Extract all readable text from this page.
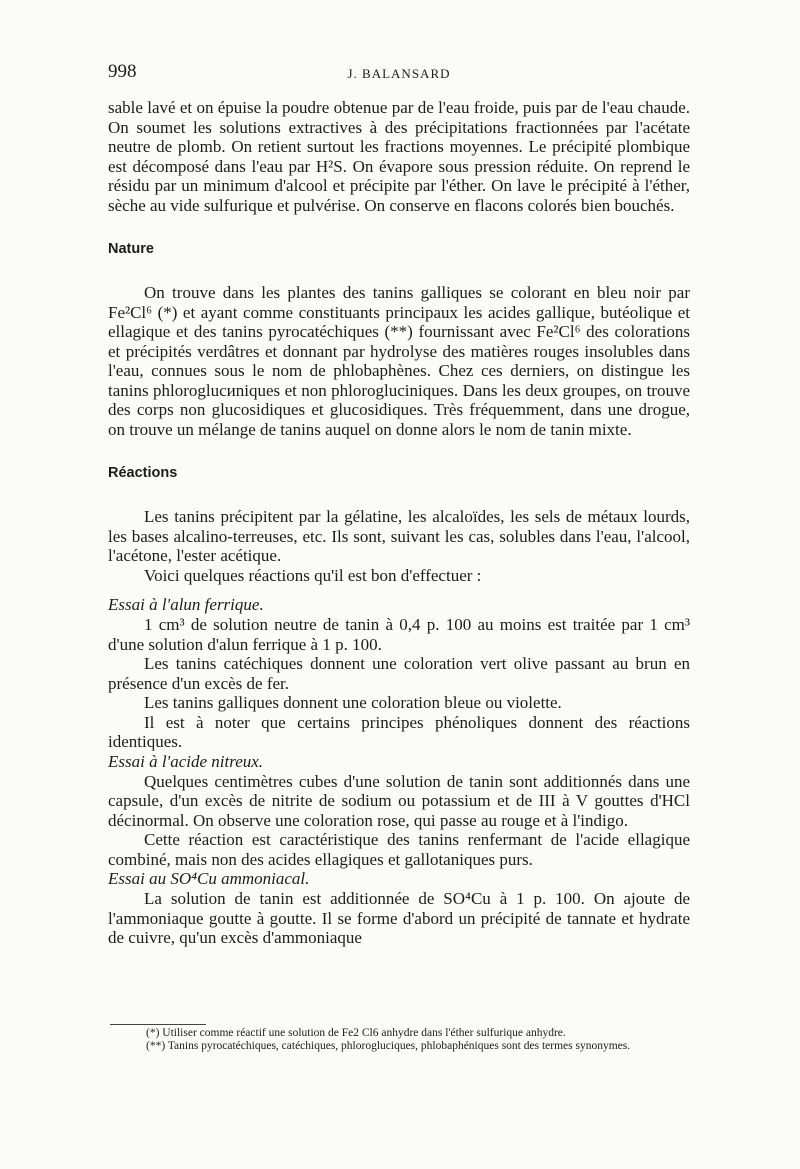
998	J. BALANSARD

sable lavé et on épuise la poudre obtenue par de l'eau froide, puis par de l'eau chaude. On soumet les solutions extractives à des précipitations fractionnées par l'acétate neutre de plomb. On retient surtout les fractions moyennes. Le précipité plombique est décomposé dans l'eau par H²S. On évapore sous pression réduite. On reprend le résidu par un minimum d'alcool et précipite par l'éther. On lave le précipité à l'éther, sèche au vide sulfurique et pulvérise. On conserve en flacons colorés bien bouchés.

Nature

On trouve dans les plantes des tanins galliques se colorant en bleu noir par Fe²Cl⁶ (*) et ayant comme constituants principaux les acides gallique, butéolique et ellagique et des tanins pyrocatéchiques (**) fournissant avec Fe²Cl⁶ des colorations et précipités verdâtres et donnant par hydrolyse des matières rouges insolubles dans l'eau, connues sous le nom de phlobaphènes. Chez ces derniers, on distingue les tanins phloroglucиniques et non phlorogluciniques. Dans les deux groupes, on trouve des corps non glucosidiques et glucosidiques. Très fréquemment, dans une drogue, on trouve un mélange de tanins auquel on donne alors le nom de tanin mixte.

Réactions

Les tanins précipitent par la gélatine, les alcaloïdes, les sels de métaux lourds, les bases alcalino-terreuses, etc. Ils sont, suivant les cas, solubles dans l'eau, l'alcool, l'acétone, l'ester acétique.

Voici quelques réactions qu'il est bon d'effectuer :

Essai à l'alun ferrique.

1 cm³ de solution neutre de tanin à 0,4 p. 100 au moins est traitée par 1 cm³ d'une solution d'alun ferrique à 1 p. 100.

Les tanins catéchiques donnent une coloration vert olive passant au brun en présence d'un excès de fer.

Les tanins galliques donnent une coloration bleue ou violette.

Il est à noter que certains principes phénoliques donnent des réactions identiques.

Essai à l'acide nitreux.

Quelques centimètres cubes d'une solution de tanin sont additionnés dans une capsule, d'un excès de nitrite de sodium ou potassium et de III à V gouttes d'HCl décinormal. On observe une coloration rose, qui passe au rouge et à l'indigo.

Cette réaction est caractéristique des tanins renfermant de l'acide ellagique combiné, mais non des acides ellagiques et gallotaniques purs.

Essai au SO⁴Cu ammoniacal.

La solution de tanin est additionnée de SO⁴Cu à 1 p. 100. On ajoute de l'ammoniaque goutte à goutte. Il se forme d'abord un précipité de tannate et hydrate de cuivre, qu'un excès d'ammoniaque

(*) Utiliser comme réactif une solution de Fe2 Cl6 anhydre dans l'éther sulfurique anhydre.

(**) Tanins pyrocatéchiques, catéchiques, phlorogluciques, phlobaphéniques sont des termes synonymes.
